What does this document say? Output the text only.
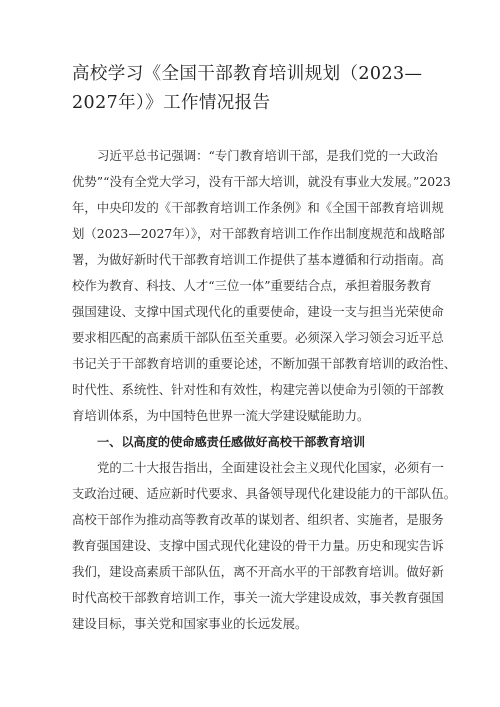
高校学习《全国干部教育培训规划（2023—
2027年）》工作情况报告
习近平总书记强调：“专门教育培训干部，是我们党的一大政治
优势”“没有全党大学习，没有干部大培训，就没有事业大发展。”2023
年，中央印发的《干部教育培训工作条例》和《全国干部教育培训规
划（2023—2027年）》，对干部教育培训工作作出制度规范和战略部
署，为做好新时代干部教育培训工作提供了基本遵循和行动指南。高
校作为教育、科技、人才“三位一体”重要结合点，承担着服务教育
强国建设、支撑中国式现代化的重要使命，建设一支与担当光荣使命
要求相匹配的高素质干部队伍至关重要。必须深入学习领会习近平总
书记关于干部教育培训的重要论述，不断加强干部教育培训的政治性、
时代性、系统性、针对性和有效性，构建完善以使命为引领的干部教
育培训体系，为中国特色世界一流大学建设赋能助力。
一、以高度的使命感责任感做好高校干部教育培训
党的二十大报告指出，全面建设社会主义现代化国家，必须有一
支政治过硬、适应新时代要求、具备领导现代化建设能力的干部队伍。
高校干部作为推动高等教育改革的谋划者、组织者、实施者，是服务
教育强国建设、支撑中国式现代化建设的骨干力量。历史和现实告诉
我们，建设高素质干部队伍，离不开高水平的干部教育培训。做好新
时代高校干部教育培训工作，事关一流大学建设成效，事关教育强国
建设目标，事关党和国家事业的长远发展。
